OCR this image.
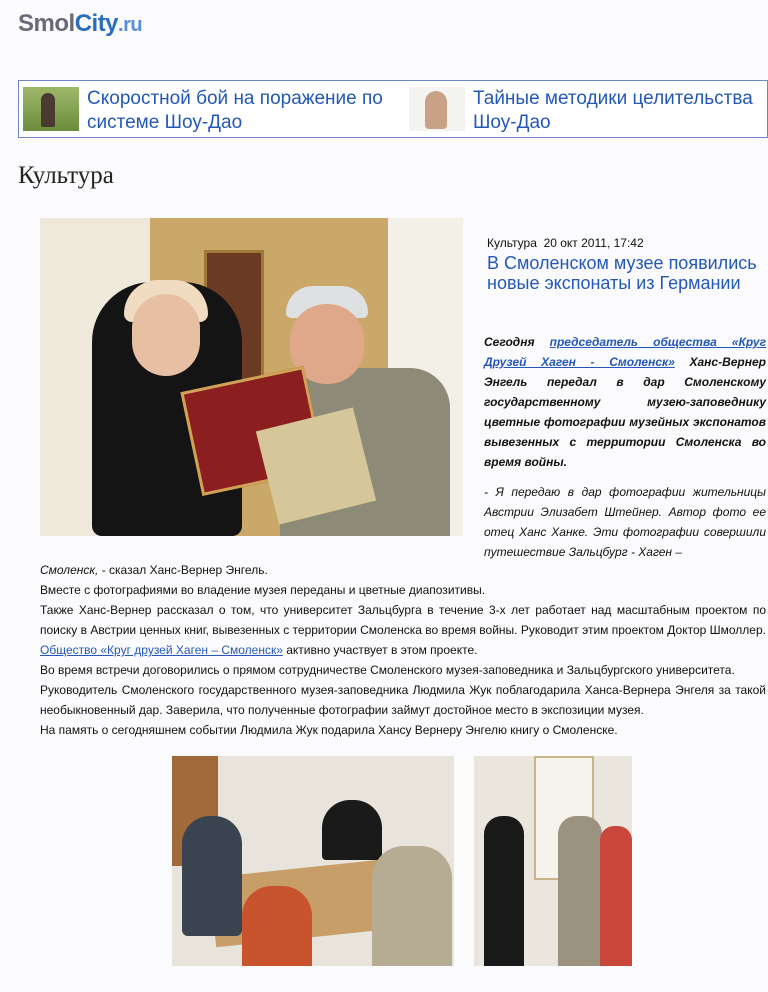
SmolCity.ru
Скоростной бой на поражение по системе Шоу-Дао
Тайные методики целительства Шоу-Дао
Культура
Культура 20 окт 2011, 17:42
В Смоленском музее появились новые экспонаты из Германии
Сегодня председатель общества «Круг Друзей Хаген - Смоленск» Ханс-Вернер Энгель передал в дар Смоленскому государственному музею-заповеднику цветные фотографии музейных экспонатов вывезенных с территории Смоленска во время войны.
- Я передаю в дар фотографии жительницы Австрии Элизабет Штейнер. Автор фото ее отец Ханс Ханке. Эти фотографии совершили путешествие Зальцбург - Хаген –

Смоленск, - сказал Ханс-Вернер Энгель.

Вместе с фотографиями во владение музея переданы и цветные диапозитивы.

Также Ханс-Вернер рассказал о том, что университет Зальцбурга в течение 3-х лет работает над масштабным проектом по поиску в Австрии ценных книг, вывезенных с территории Смоленска во время войны. Руководит этим проектом Доктор Шмоллер. Общество «Круг друзей Хаген – Смоленск» активно участвует в этом проекте.

Во время встречи договорились о прямом сотрудничестве Смоленского музея-заповедника и Зальцбургского университета.

Руководитель Смоленского государственного музея-заповедника Людмила Жук поблагодарила Ханса-Вернера Энгеля за такой необыкновенный дар. Заверила, что полученные фотографии займут достойное место в экспозиции музея.

На память о сегодняшнем событии Людмила Жук подарила Хансу Вернеру Энгелю книгу о Смоленске.
